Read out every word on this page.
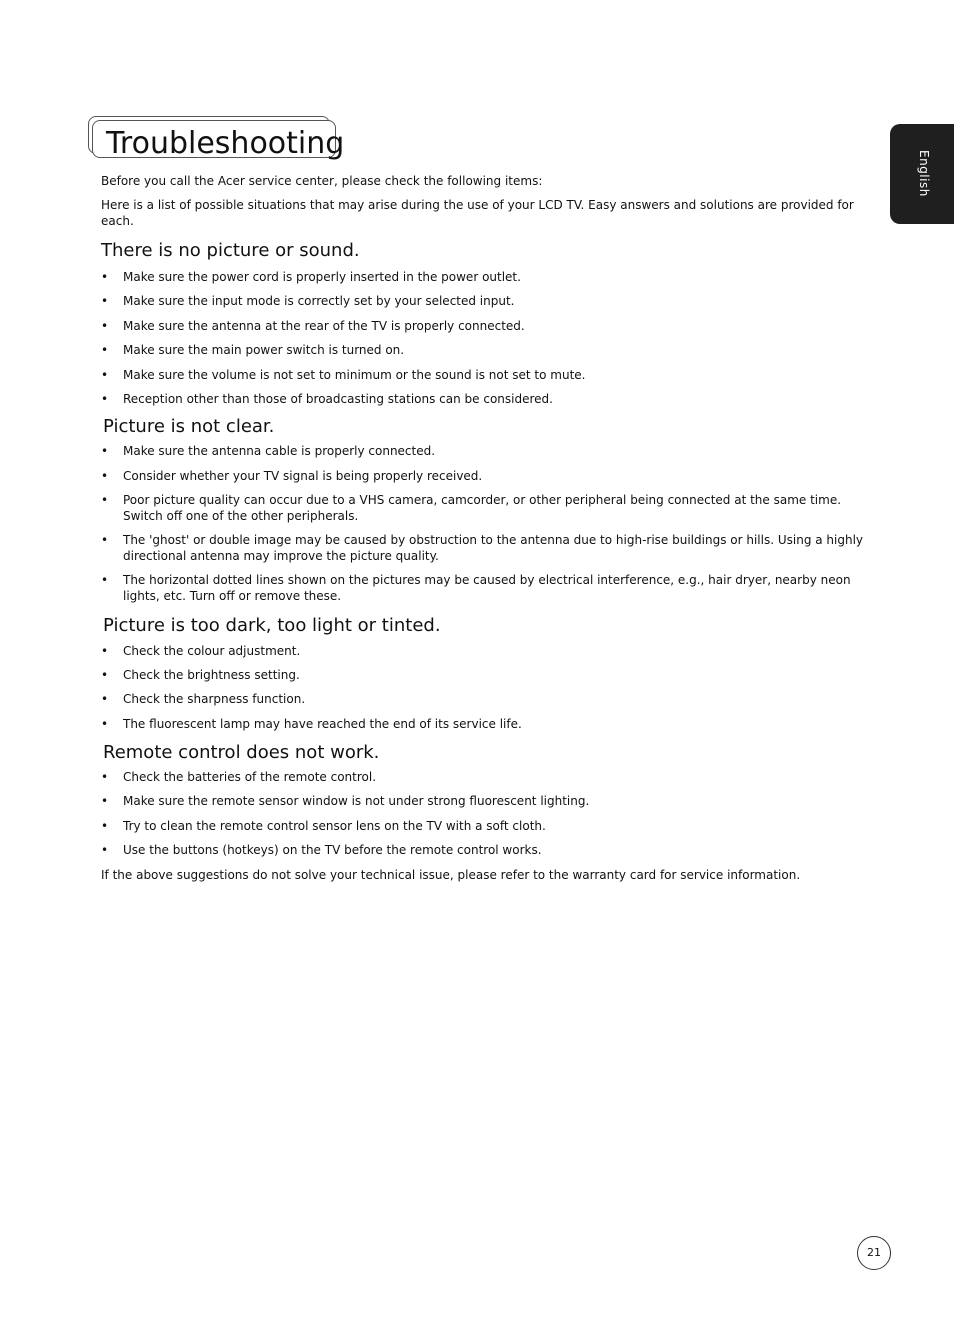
Troubleshooting
English

Before you call the Acer service center, please check the following items:

Here is a list of possible situations that may arise during the use of your LCD TV. Easy answers and solutions are provided for each.

There is no picture or sound.
• Make sure the power cord is properly inserted in the power outlet.
• Make sure the input mode is correctly set by your selected input.
• Make sure the antenna at the rear of the TV is properly connected.
• Make sure the main power switch is turned on.
• Make sure the volume is not set to minimum or the sound is not set to mute.
• Reception other than those of broadcasting stations can be considered.
Picture is not clear.
• Make sure the antenna cable is properly connected.
• Consider whether your TV signal is being properly received.
• Poor picture quality can occur due to a VHS camera, camcorder, or other peripheral being connected at the same time. Switch off one of the other peripherals.
• The 'ghost' or double image may be caused by obstruction to the antenna due to high-rise buildings or hills. Using a highly directional antenna may improve the picture quality.
• The horizontal dotted lines shown on the pictures may be caused by electrical interference, e.g., hair dryer, nearby neon lights, etc. Turn off or remove these.
Picture is too dark, too light or tinted.
• Check the colour adjustment.
• Check the brightness setting.
• Check the sharpness function.
• The fluorescent lamp may have reached the end of its service life.
Remote control does not work.
• Check the batteries of the remote control.
• Make sure the remote sensor window is not under strong fluorescent lighting.
• Try to clean the remote control sensor lens on the TV with a soft cloth.
• Use the buttons (hotkeys) on the TV before the remote control works.

If the above suggestions do not solve your technical issue, please refer to the warranty card for service information.

21
